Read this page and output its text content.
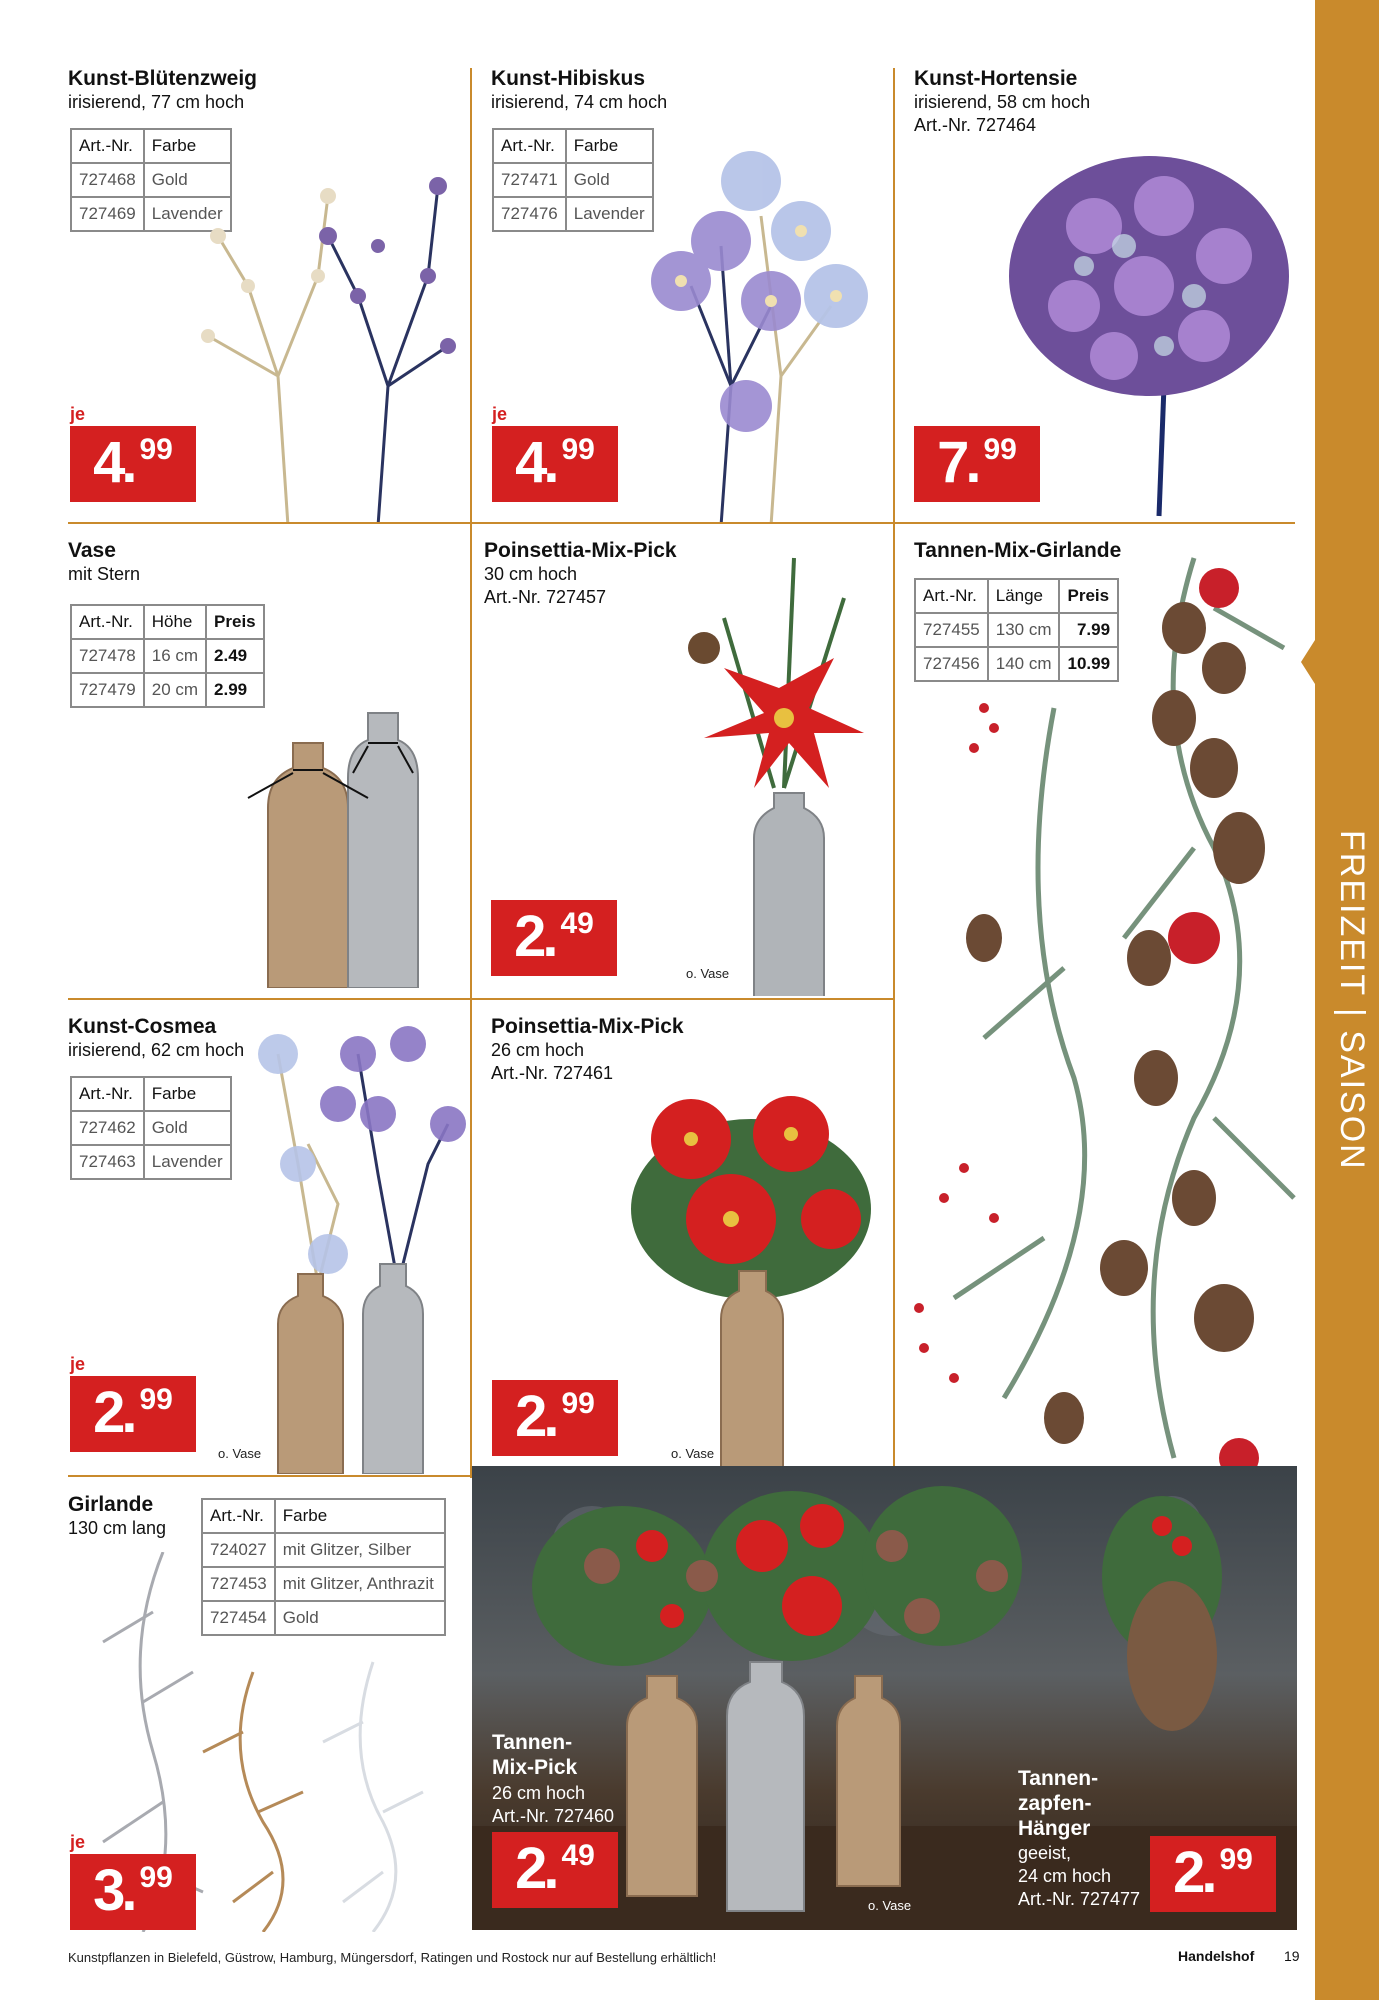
FREIZEIT | SAISON
Kunst-Blütenzweig
irisierend, 77 cm hoch
Art.-Nr.	Farbe
727468	Gold
727469	Lavender
je
4
. 99
Kunst-Hibiskus
irisierend, 74 cm hoch
Art.-Nr.	Farbe
727471	Gold
727476	Lavender
je
4
. 99
Kunst-Hortensie
irisierend, 58 cm hoch
Art.-Nr. 727464
7
. 99
Vase
mit Stern
Art.-Nr.	Höhe	Preis
727478	16 cm	2.49
727479	20 cm	2.99
Poinsettia-Mix-Pick
30 cm hoch
Art.-Nr. 727457
2
. 49
o. Vase
Tannen-Mix-Girlande
Art.-Nr.	Länge	Preis
727455	130 cm	7.99
727456	140 cm	10.99
Kunst-Cosmea
irisierend, 62 cm hoch
Art.-Nr.	Farbe
727462	Gold
727463	Lavender
je
2
. 99
o. Vase
Poinsettia-Mix-Pick
26 cm hoch
Art.-Nr. 727461
2
. 99
o. Vase
Girlande
130 cm lang
Art.-Nr.	Farbe
724027	mit Glitzer, Silber
727453	mit Glitzer, Anthrazit
727454	Gold
je
3
. 99
Tannen-
Mix-Pick
26 cm hoch
Art.-Nr. 727460
2
. 49
o. Vase
Tannen-
zapfen-
Hänger
geeist,
24 cm hoch
Art.-Nr. 727477 2
. 99
Kunstpflanzen in Bielefeld, Güstrow, Hamburg, Müngersdorf, Ratingen und Rostock nur auf Bestellung erhältlich!	Handelshof 19
